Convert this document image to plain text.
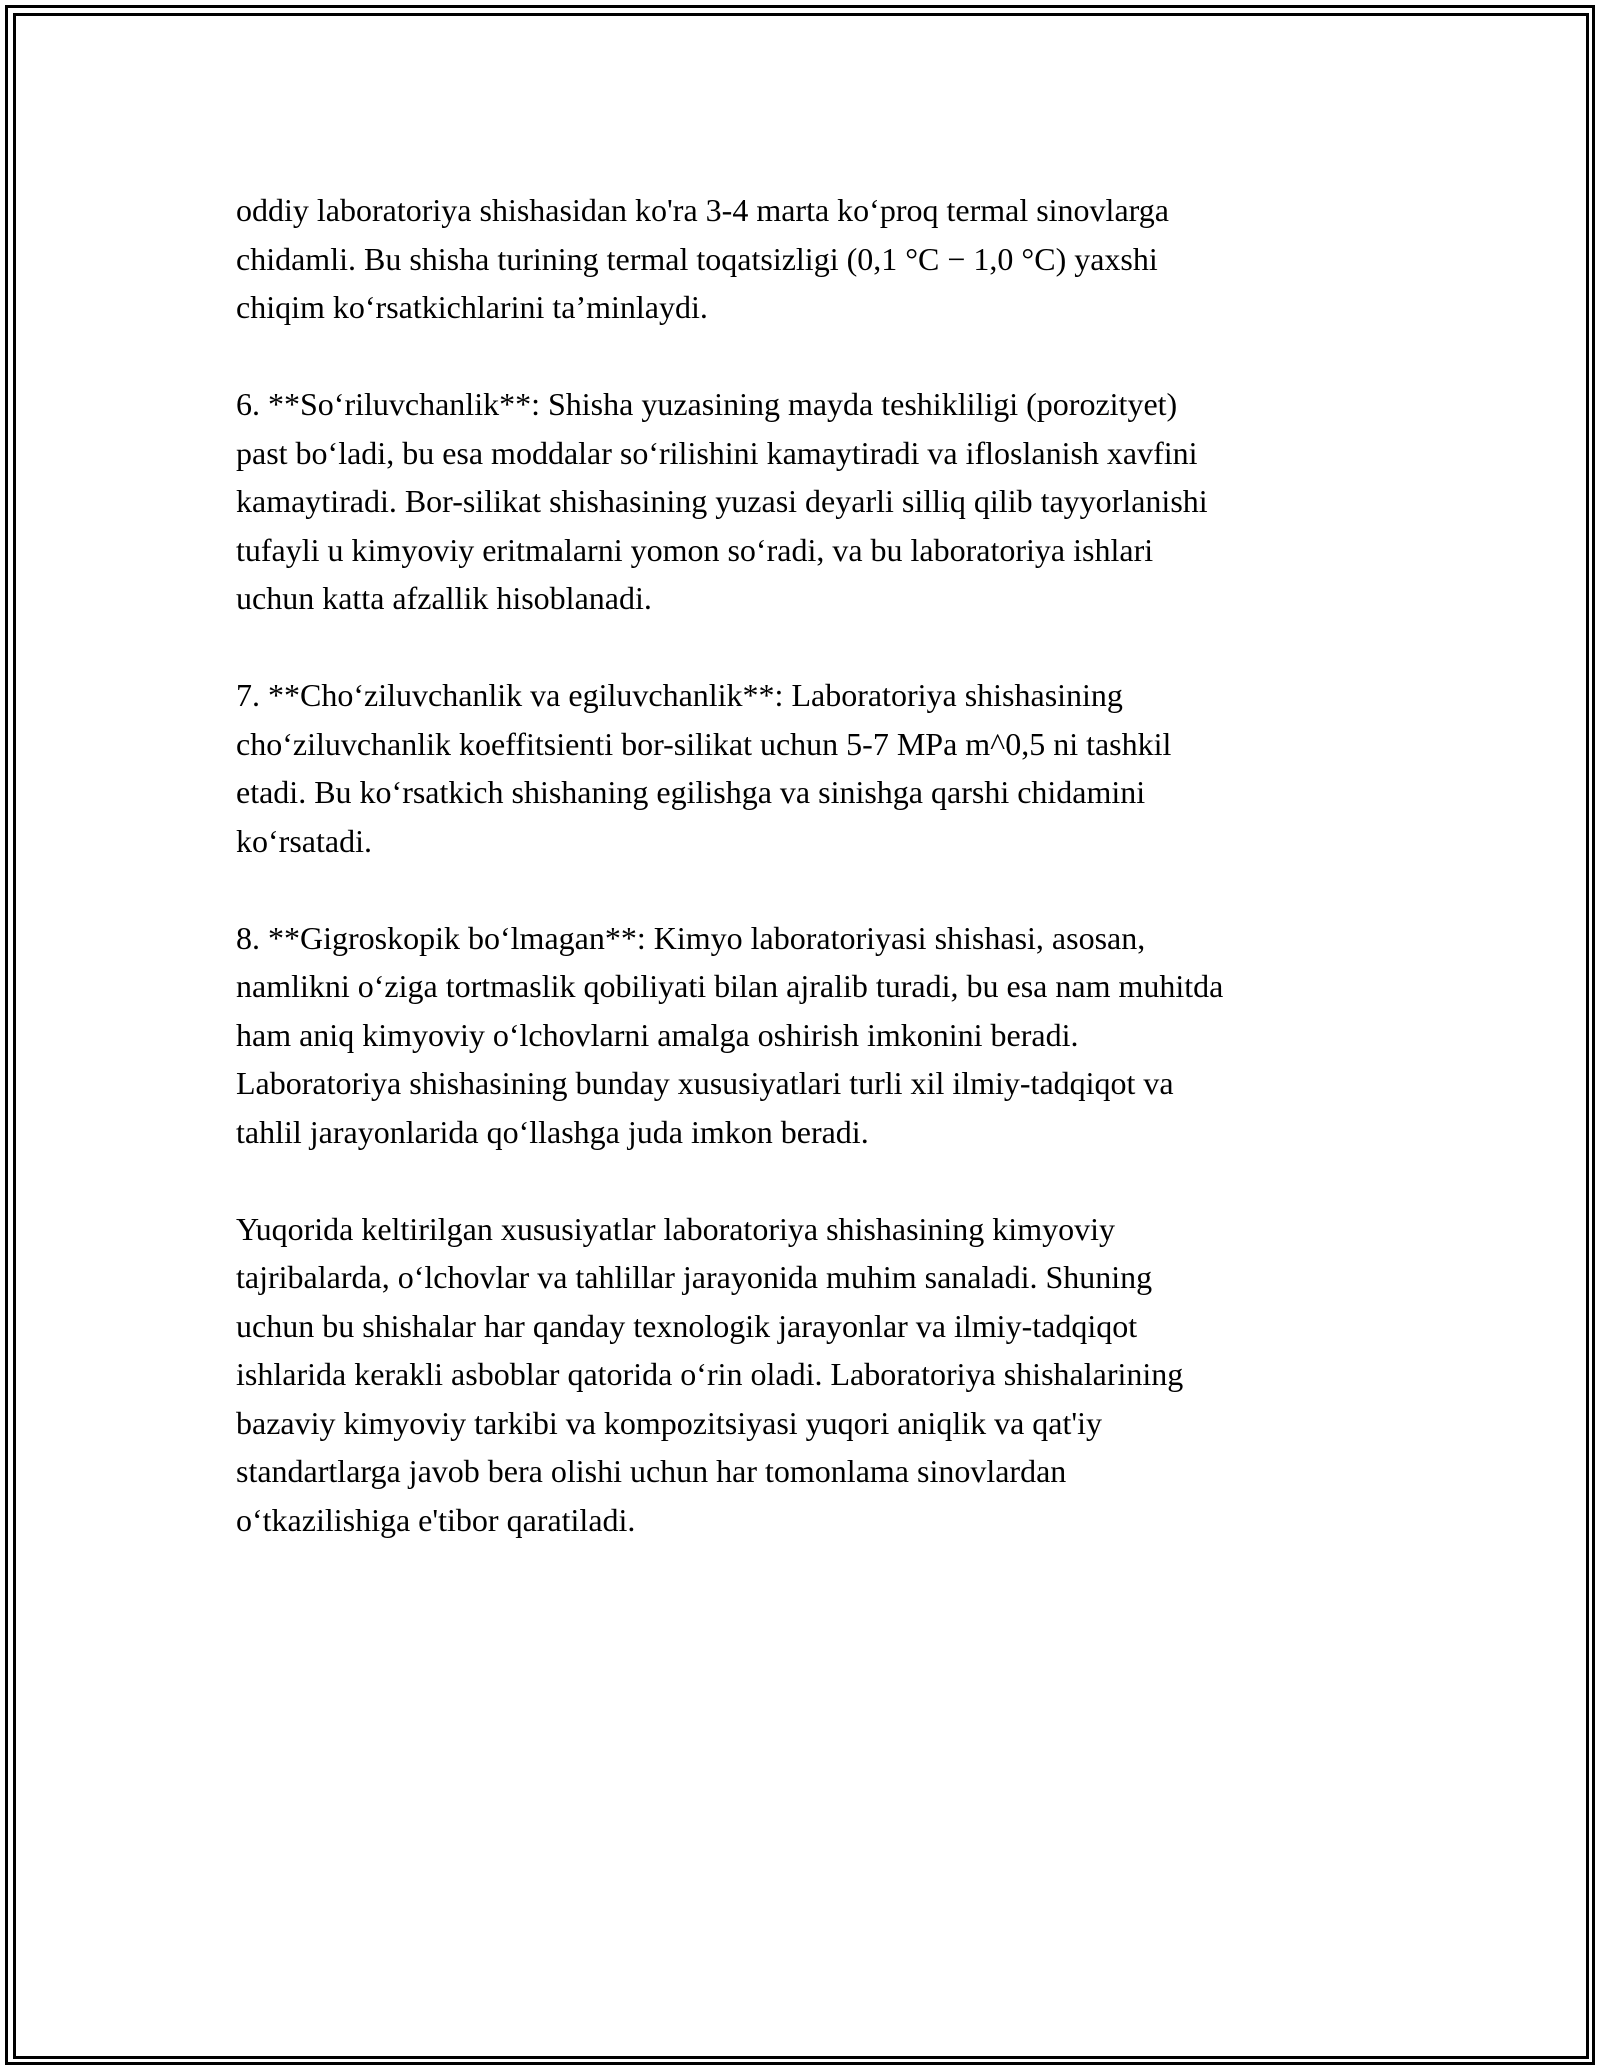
oddiy laboratoriya shishasidan ko'ra 3-4 marta ko‘proq termal sinovlarga
chidamli. Bu shisha turining termal toqatsizligi (0,1 °C − 1,0 °C) yaxshi
chiqim ko‘rsatkichlarini ta’minlaydi.

6. **So‘riluvchanlik**: Shisha yuzasining mayda teshikliligi (porozityet)
past bo‘ladi, bu esa moddalar so‘rilishini kamaytiradi va ifloslanish xavfini
kamaytiradi. Bor-silikat shishasining yuzasi deyarli silliq qilib tayyorlanishi
tufayli u kimyoviy eritmalarni yomon so‘radi, va bu laboratoriya ishlari
uchun katta afzallik hisoblanadi.

7. **Cho‘ziluvchanlik va egiluvchanlik**: Laboratoriya shishasining
cho‘ziluvchanlik koeffitsienti bor-silikat uchun 5-7 MPa m^0,5 ni tashkil
etadi. Bu ko‘rsatkich shishaning egilishga va sinishga qarshi chidamini
ko‘rsatadi.

8. **Gigroskopik bo‘lmagan**: Kimyo laboratoriyasi shishasi, asosan,
namlikni o‘ziga tortmaslik qobiliyati bilan ajralib turadi, bu esa nam muhitda
ham aniq kimyoviy o‘lchovlarni amalga oshirish imkonini beradi.
Laboratoriya shishasining bunday xususiyatlari turli xil ilmiy-tadqiqot va
tahlil jarayonlarida qo‘llashga juda imkon beradi.

Yuqorida keltirilgan xususiyatlar laboratoriya shishasining kimyoviy
tajribalarda, o‘lchovlar va tahlillar jarayonida muhim sanaladi. Shuning
uchun bu shishalar har qanday texnologik jarayonlar va ilmiy-tadqiqot
ishlarida kerakli asboblar qatorida o‘rin oladi. Laboratoriya shishalarining
bazaviy kimyoviy tarkibi va kompozitsiyasi yuqori aniqlik va qat'iy
standartlarga javob bera olishi uchun har tomonlama sinovlardan
o‘tkazilishiga e'tibor qaratiladi.
